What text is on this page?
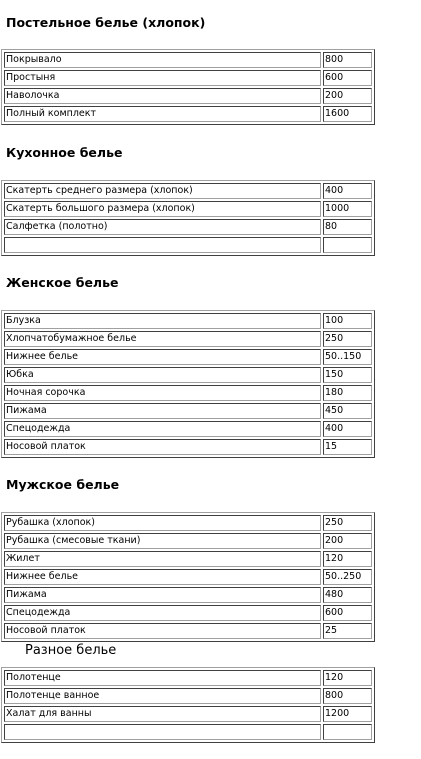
Постельное белье (хлопок)
Покрывало	800
Простыня	600
Наволочка	200
Полный комплект	1600
Кухонное белье
Скатерть среднего размера (хлопок)	400
Скатерть большого размера (хлопок)	1000
Салфетка (полотно)	80

Женское белье
Блузка	100
Хлопчатобумажное белье	250
Нижнее белье	50..150
Юбка	150
Ночная сорочка	180
Пижама	450
Спецодежда	400
Носовой платок	15
Мужское белье
Рубашка (хлопок)	250
Рубашка (смесовые ткани)	200
Жилет	120
Нижнее белье	50..250
Пижама	480
Спецодежда	600
Носовой платок	25
Разное белье
Полотенце	120
Полотенце ванное	800
Халат для ванны	1200
